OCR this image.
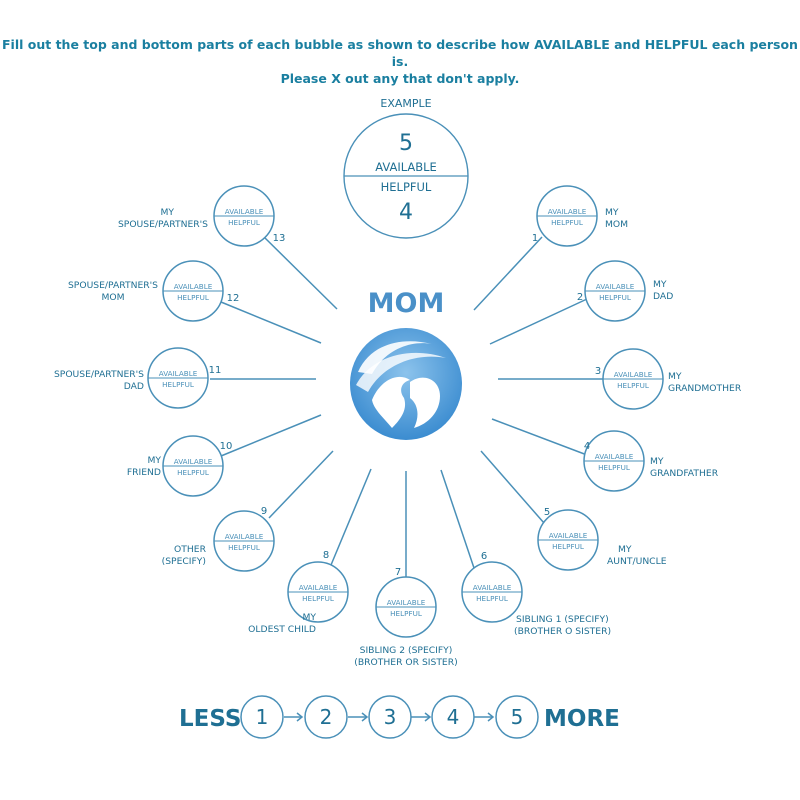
Fill out the top and bottom parts of each bubble as shown to describe how AVAILABLE and HELPFUL each person is.
Please X out any that don't apply.
EXAMPLE
5
AVAILABLE
HELPFUL
4
MOM
AVAILABLE
HELPFUL
1
MY
MOM
AVAILABLE
HELPFUL
2
MY
DAD
AVAILABLE
HELPFUL
3	MY
GRANDMOTHER
AVAILABLE
HELPFUL
4
MY
GRANDFATHER
AVAILABLE
HELPFUL
5
MY
AUNT/UNCLE
AVAILABLE
HELPFUL
6
SIBLING 1 (SPECIFY)
(BROTHER O SISTER)
AVAILABLE
HELPFUL
7
SIBLING 2 (SPECIFY)
(BROTHER OR SISTER)
AVAILABLE
HELPFUL
8
MY
OLDEST CHILD
AVAILABLE
HELPFUL
9
OTHER
(SPECIFY)
AVAILABLE
HELPFUL
10
MY
FRIEND
AVAILABLE
HELPFUL
11
SPOUSE/PARTNER'S
DAD
AVAILABLE
HELPFUL 12
SPOUSE/PARTNER'S
MOM
AVAILABLE
HELPFUL
13
MY
SPOUSE/PARTNER'S
LESS	MORE
1	2	3	4	5
